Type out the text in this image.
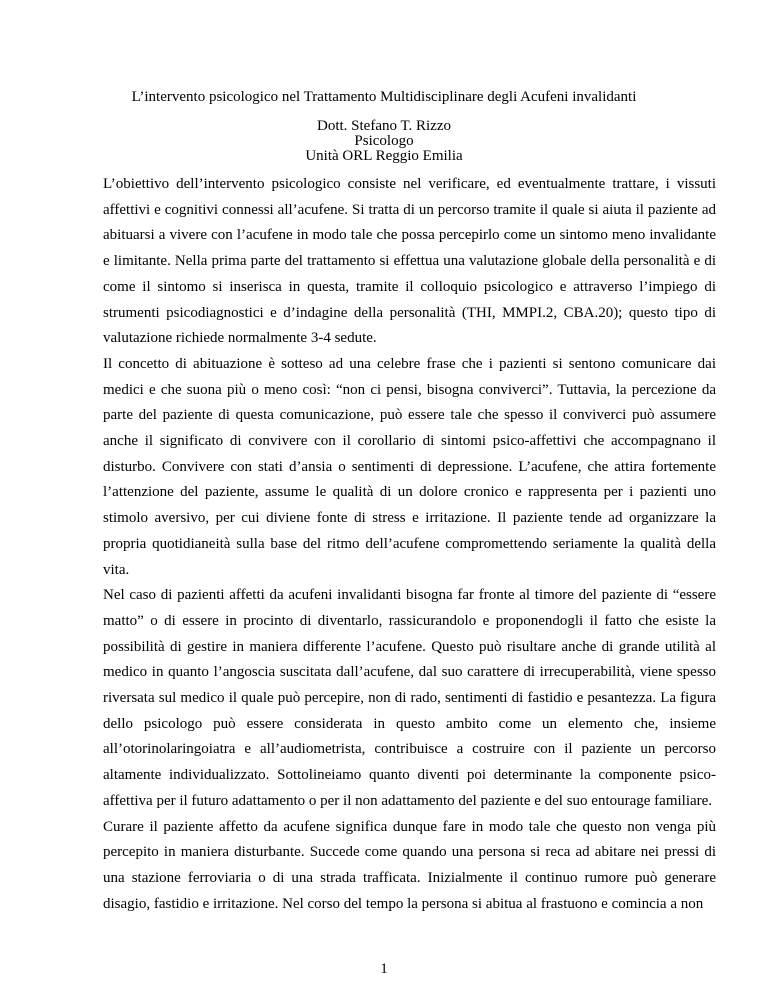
L’intervento psicologico nel Trattamento Multidisciplinare degli Acufeni invalidanti
Dott. Stefano T. Rizzo
Psicologo
Unità ORL Reggio Emilia

L’obiettivo dell’intervento psicologico consiste nel verificare, ed eventualmente trattare, i vissuti affettivi e cognitivi connessi all’acufene. Si tratta di un percorso tramite il quale si aiuta il paziente ad abituarsi a vivere con l’acufene in modo tale che possa percepirlo come un sintomo meno invalidante e limitante. Nella prima parte del trattamento si effettua una valutazione globale della personalità e di come il sintomo si inserisca in questa, tramite il colloquio psicologico e attraverso l’impiego di strumenti psicodiagnostici e d’indagine della personalità (THI, MMPI.2, CBA.20); questo tipo di valutazione richiede normalmente 3-4 sedute.

Il concetto di abituazione è sotteso ad una celebre frase che i pazienti si sentono comunicare dai medici e che suona più o meno così: “non ci pensi, bisogna conviverci”. Tuttavia, la percezione da parte del paziente di questa comunicazione, può essere tale che spesso il conviverci può assumere anche il significato di convivere con il corollario di sintomi psico-affettivi che accompagnano il disturbo. Convivere con stati d’ansia o sentimenti di depressione. L’acufene, che attira fortemente l’attenzione del paziente, assume le qualità di un dolore cronico e rappresenta per i pazienti uno stimolo aversivo, per cui diviene fonte di stress e irritazione. Il paziente tende ad organizzare la propria quotidianeità sulla base del ritmo dell’acufene compromettendo seriamente la qualità della vita.

Nel caso di pazienti affetti da acufeni invalidanti bisogna far fronte al timore del paziente di “essere matto” o di essere in procinto di diventarlo, rassicurandolo e proponendogli il fatto che esiste la possibilità di gestire in maniera differente l’acufene. Questo può risultare anche di grande utilità al medico in quanto l’angoscia suscitata dall’acufene, dal suo carattere di irrecuperabilità, viene spesso riversata sul medico il quale può percepire, non di rado, sentimenti di fastidio e pesantezza. La figura dello psicologo può essere considerata in questo ambito come un elemento che, insieme all’otorinolaringoiatra e all’audiometrista, contribuisce a costruire con il paziente un percorso altamente individualizzato. Sottolineiamo quanto diventi poi determinante la componente psico-affettiva per il futuro adattamento o per il non adattamento del paziente e del suo entourage familiare.

Curare il paziente affetto da acufene significa dunque fare in modo tale che questo non venga più percepito in maniera disturbante. Succede come quando una persona si reca ad abitare nei pressi di una stazione ferroviaria o di una strada trafficata. Inizialmente il continuo rumore può generare disagio, fastidio e irritazione. Nel corso del tempo la persona si abitua al frastuono e comincia a non

1
